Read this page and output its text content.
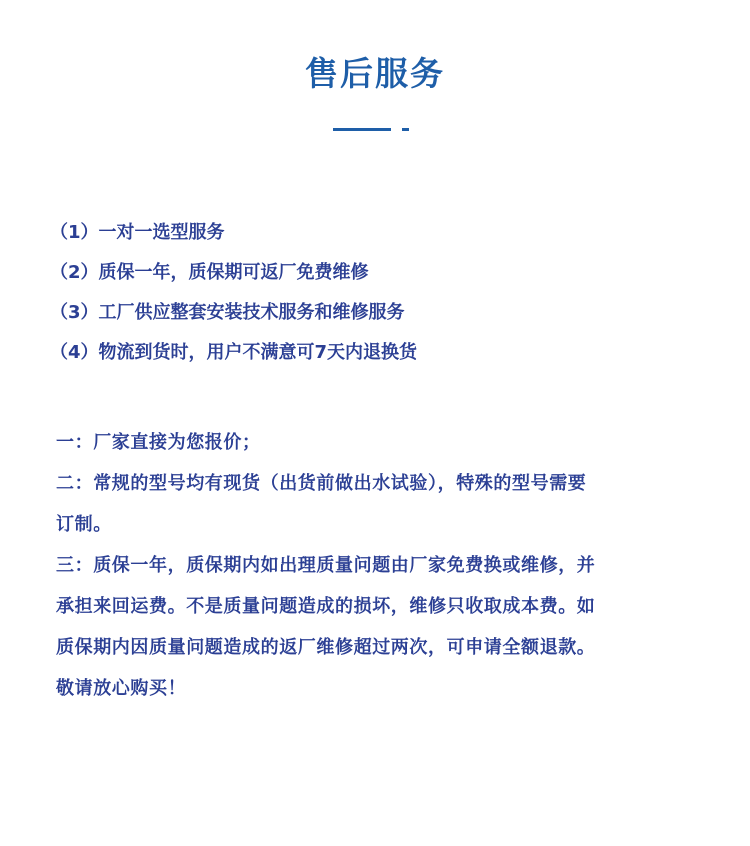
售后服务
（1）一对一选型服务
（2）质保一年，质保期可返厂免费维修
（3）工厂供应整套安装技术服务和维修服务
（4）物流到货时，用户不满意可7天内退换货
一：厂家直接为您报价；
二：常规的型号均有现货（出货前做出水试验），特殊的型号需要
订制。
三：质保一年，质保期内如出理质量问题由厂家免费换或维修，并
承担来回运费。不是质量问题造成的损坏，维修只收取成本费。如
质保期内因质量问题造成的返厂维修超过两次，可申请全额退款。
敬请放心购买！
